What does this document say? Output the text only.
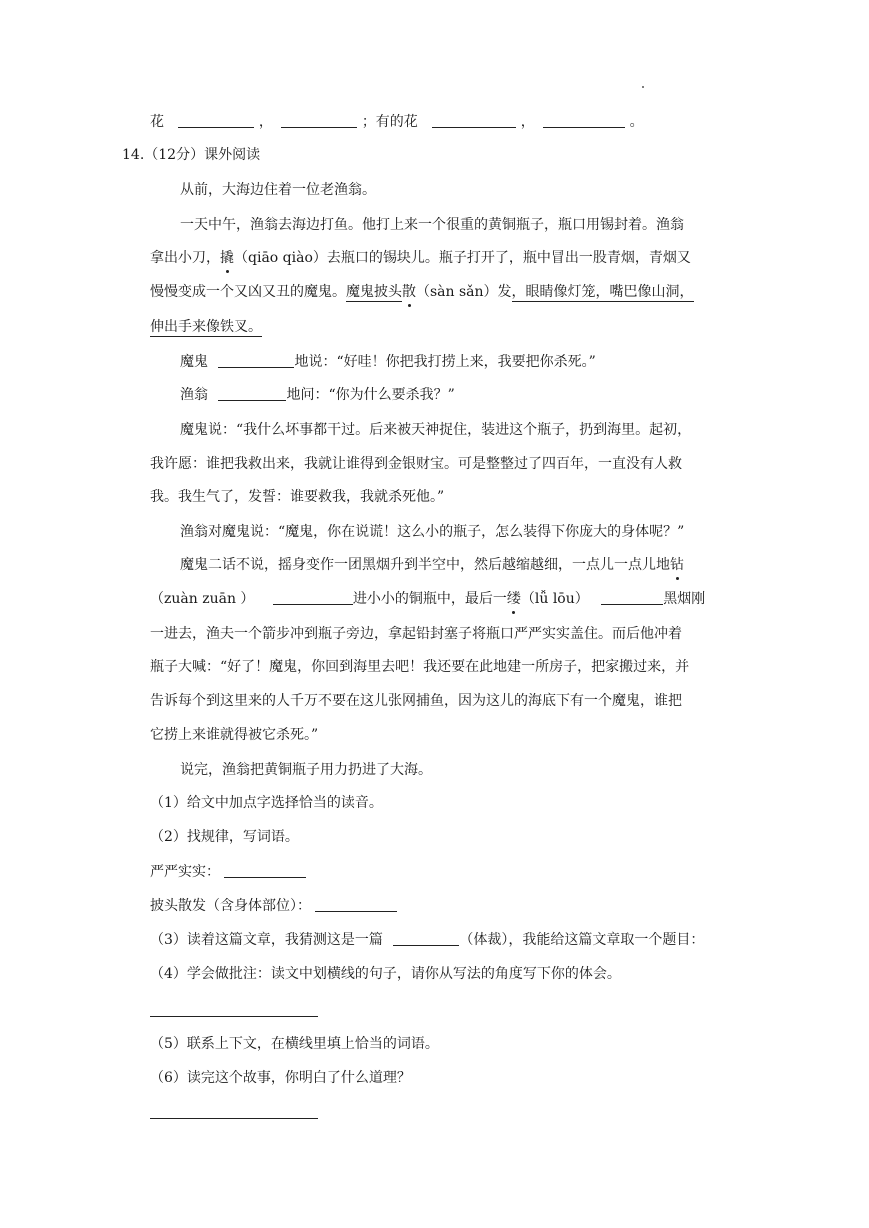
花	，	；有的花	，	。
14.（12分）课外阅读
从前，大海边住着一位老渔翁。
一天中午，渔翁去海边打鱼。他打上来一个很重的黄铜瓶子，瓶口用锡封着。渔翁
拿出小刀，撬（qiāo qiào）去瓶口的锡块儿。瓶子打开了，瓶中冒出一股青烟，青烟又
慢慢变成一个又凶又丑的魔鬼。魔鬼披头散（sàn sǎn）发，眼睛像灯笼，嘴巴像山洞，
伸出手来像铁叉。
魔鬼	地说：“好哇！你把我打捞上来，我要把你杀死。”
渔翁	地问：“你为什么要杀我？”
魔鬼说：“我什么坏事都干过。后来被天神捉住，装进这个瓶子，扔到海里。起初，
我许愿：谁把我救出来，我就让谁得到金银财宝。可是整整过了四百年，一直没有人救
我。我生气了，发誓：谁要救我，我就杀死他。”
渔翁对魔鬼说：“魔鬼，你在说谎！这么小的瓶子，怎么装得下你庞大的身体呢？”
魔鬼二话不说，摇身变作一团黑烟升到半空中，然后越缩越细，一点儿一点儿地钻
（zuàn zuān ）	进小小的铜瓶中，最后一缕（lǚ lōu）	黑烟刚
一进去，渔夫一个箭步冲到瓶子旁边，拿起铅封塞子将瓶口严严实实盖住。而后他冲着
瓶子大喊：“好了！魔鬼，你回到海里去吧！我还要在此地建一所房子，把家搬过来，并
告诉每个到这里来的人千万不要在这儿张网捕鱼，因为这儿的海底下有一个魔鬼，谁把
它捞上来谁就得被它杀死。”
说完，渔翁把黄铜瓶子用力扔进了大海。
（1）给文中加点字选择恰当的读音。
（2）找规律，写词语。
严严实实：
披头散发（含身体部位）：
（3）读着这篇文章，我猜测这是一篇	（体裁），我能给这篇文章取一个题目：
（4）学会做批注：读文中划横线的句子，请你从写法的角度写下你的体会。
（5）联系上下文，在横线里填上恰当的词语。
（6）读完这个故事，你明白了什么道理？
